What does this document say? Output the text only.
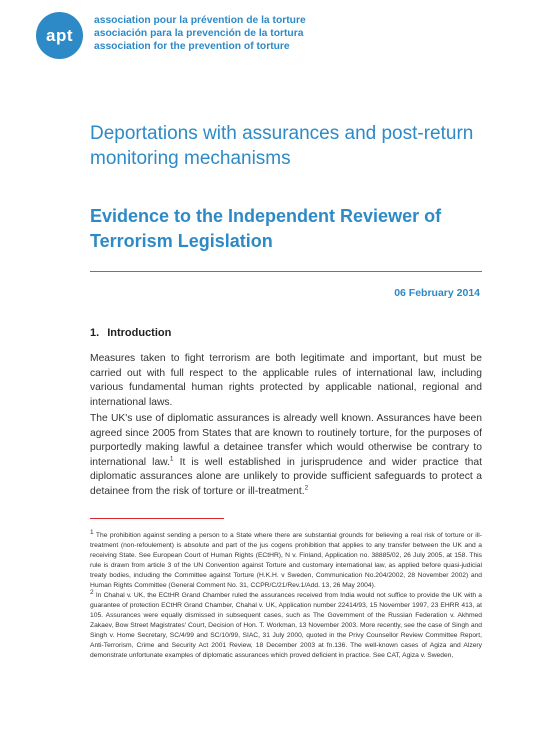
apt
association pour la prévention de la torture
asociación para la prevención de la tortura
association for the prevention of torture
Deportations with assurances and post-return monitoring mechanisms
Evidence to the Independent Reviewer of Terrorism Legislation
06 February 2014
1. Introduction
Measures taken to fight terrorism are both legitimate and important, but must be carried out with full respect to the applicable rules of international law, including various fundamental human rights protected by applicable national, regional and international laws.
The UK's use of diplomatic assurances is already well known. Assurances have been agreed since 2005 from States that are known to routinely torture, for the purposes of purportedly making lawful a detainee transfer which would otherwise be contrary to international law.$^1$ It is well established in jurisprudence and wider practice that diplomatic assurances alone are unlikely to provide sufficient safeguards to protect a detainee from the risk of torture or ill-treatment.$^2$

$^1$ The prohibition against sending a person to a State where there are substantial grounds for believing a real risk of torture or ill-treatment (non-refoulement) is absolute and part of the jus cogens prohibition that applies to any transfer between the UK and a receiving State. See European Court of Human Rights (ECtHR), N v. Finland, Application no. 38885/02, 26 July 2005, at 158. This rule is drawn from article 3 of the UN Convention against Torture and customary international law, as applied before quasi-judicial treaty bodies, including the Committee against Torture (H.K.H. v Sweden, Communication No.204/2002, 28 November 2002) and Human Rights Committee (General Comment No. 31, CCPR/C/21/Rev.1/Add. 13, 26 May 2004).

$^2$ In Chahal v. UK, the ECtHR Grand Chamber ruled the assurances received from India would not suffice to provide the UK with a guarantee of protection ECtHR Grand Chamber, Chahal v. UK, Application number 22414/93, 15 November 1997, 23 EHRR 413, at 105. Assurances were equally dismissed in subsequent cases, such as The Government of the Russian Federation v. Akhmed Zakaev, Bow Street Magistrates' Court, Decision of Hon. T. Workman, 13 November 2003. More recently, see the case of Singh and Singh v. Home Secretary, SC/4/99 and SC/10/99, SIAC, 31 July 2000, quoted in the Privy Counsellor Review Committee Report, Anti-Terrorism, Crime and Security Act 2001 Review, 18 December 2003 at fn.136. The well-known cases of Agiza and Alzery demonstrate unfortunate examples of diplomatic assurances which proved deficient in practice. See CAT, Agiza v. Sweden,
